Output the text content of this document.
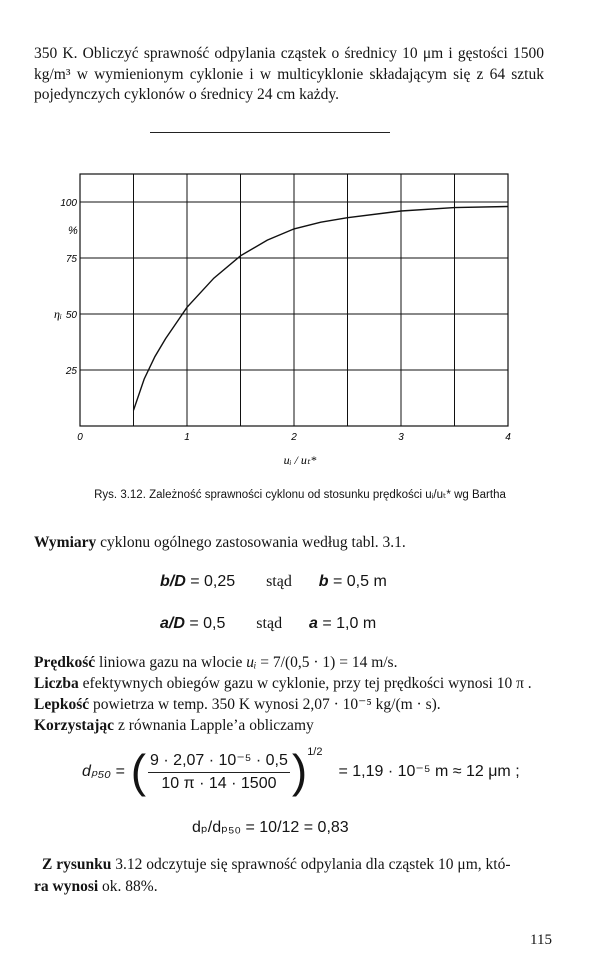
350 K. Obliczyć sprawność odpylania cząstek o średnicy 10 μm i gęstości 1500 kg/m³ w wymienionym cyklonie i w multicyklonie składającym się z 64 sztuk pojedynczych cyklonów o średnicy 24 cm każdy.
25
50
75
100
0	1	2	3	4
ηᵢ
%
uᵢ / uₜ*
Rys. 3.12. Zależność sprawności cyklonu od stosunku prędkości uᵢ/uₜ* wg Bartha
Wymiary cyklonu ogólnego zastosowania według tabl. 3.1.
b/D = 0,25 stąd b = 0,5 m
a/D = 0,5 stąd a = 1,0 m
Prędkość liniowa gazu na wlocie uᵢ = 7/(0,5 · 1) = 14 m/s.
Liczba efektywnych obiegów gazu w cyklonie, przy tej prędkości wynosi 10 π .
Lepkość powietrza w temp. 350 K wynosi 2,07 · 10⁻⁵ kg/(m · s).
Korzystając z równania Lapple’a obliczamy
dₚ₅₀ = ( $\frac{\text{9 · 2,07 · 10⁻⁵ · 0,5}}{10 \pi \cdot 14 \cdot 1500}$ ) 1/2
= 1,19 · 10⁻⁵ m ≈ 12 μm ;
dₚ/dₚ₅₀ = 10/12 = 0,83
Z rysunku 3.12 odczytuje się sprawność odpylania dla cząstek 10 μm, któ-
ra wynosi ok. 88%.
115
